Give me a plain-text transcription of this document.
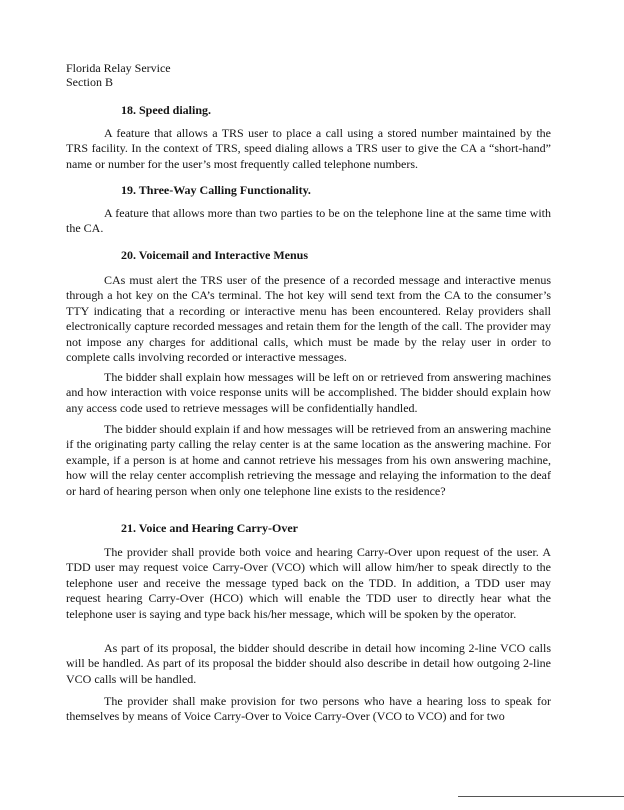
Florida Relay Service
Section B
18. Speed dialing.

A feature that allows a TRS user to place a call using a stored number maintained by the TRS facility. In the context of TRS, speed dialing allows a TRS user to give the CA a “short-hand” name or number for the user’s most frequently called telephone numbers.

19. Three-Way Calling Functionality.

A feature that allows more than two parties to be on the telephone line at the same time with the CA.

20. Voicemail and Interactive Menus

CAs must alert the TRS user of the presence of a recorded message and interactive menus through a hot key on the CA’s terminal. The hot key will send text from the CA to the consumer’s TTY indicating that a recording or interactive menu has been encountered. Relay providers shall electronically capture recorded messages and retain them for the length of the call. The provider may not impose any charges for additional calls, which must be made by the relay user in order to complete calls involving recorded or interactive messages.

The bidder shall explain how messages will be left on or retrieved from answering machines and how interaction with voice response units will be accomplished. The bidder should explain how any access code used to retrieve messages will be confidentially handled.

The bidder should explain if and how messages will be retrieved from an answering machine if the originating party calling the relay center is at the same location as the answering machine. For example, if a person is at home and cannot retrieve his messages from his own answering machine, how will the relay center accomplish retrieving the message and relaying the information to the deaf or hard of hearing person when only one telephone line exists to the residence?

21. Voice and Hearing Carry-Over

The provider shall provide both voice and hearing Carry-Over upon request of the user. A TDD user may request voice Carry-Over (VCO) which will allow him/her to speak directly to the telephone user and receive the message typed back on the TDD. In addition, a TDD user may request hearing Carry-Over (HCO) which will enable the TDD user to directly hear what the telephone user is saying and type back his/her message, which will be spoken by the operator.

As part of its proposal, the bidder should describe in detail how incoming 2-line VCO calls will be handled. As part of its proposal the bidder should also describe in detail how outgoing 2-line VCO calls will be handled.

The provider shall make provision for two persons who have a hearing loss to speak for themselves by means of Voice Carry-Over to Voice Carry-Over (VCO to VCO) and for two
